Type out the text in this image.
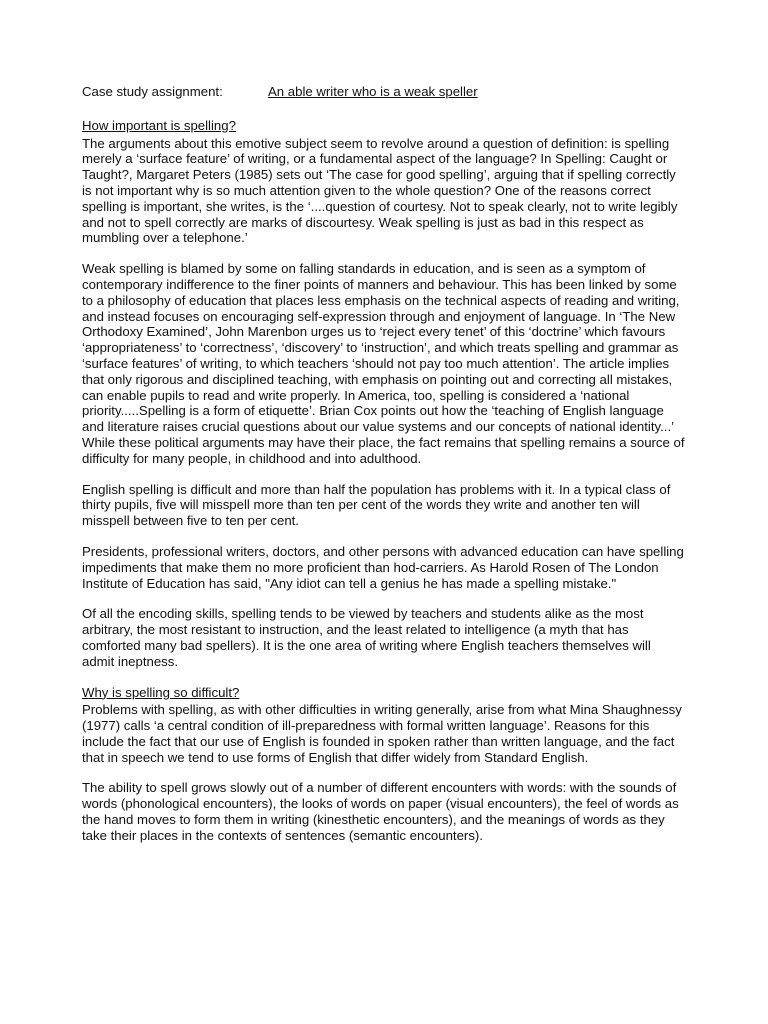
Case study assignment:	An able writer who is a weak speller
How important is spelling?

The arguments about this emotive subject seem to revolve around a question of definition: is spelling merely a ‘surface feature’ of writing, or a fundamental aspect of the language? In Spelling: Caught or Taught?, Margaret Peters (1985) sets out ‘The case for good spelling’, arguing that if spelling correctly is not important why is so much attention given to the whole question? One of the reasons correct spelling is important, she writes, is the ‘....question of courtesy. Not to speak clearly, not to write legibly and not to spell correctly are marks of discourtesy. Weak spelling is just as bad in this respect as mumbling over a telephone.’

Weak spelling is blamed by some on falling standards in education, and is seen as a symptom of contemporary indifference to the finer points of manners and behaviour. This has been linked by some to a philosophy of education that places less emphasis on the technical aspects of reading and writing, and instead focuses on encouraging self-expression through and enjoyment of language. In ‘The New Orthodoxy Examined’, John Marenbon urges us to ‘reject every tenet’ of this ‘doctrine’ which favours ‘appropriateness’ to ‘correctness’, ‘discovery’ to ‘instruction’, and which treats spelling and grammar as ‘surface features’ of writing, to which teachers ‘should not pay too much attention’. The article implies that only rigorous and disciplined teaching, with emphasis on pointing out and correcting all mistakes, can enable pupils to read and write properly. In America, too, spelling is considered a ‘national priority.....Spelling is a form of etiquette’. Brian Cox points out how the ‘teaching of English language and literature raises crucial questions about our value systems and our concepts of national identity...’ While these political arguments may have their place, the fact remains that spelling remains a source of difficulty for many people, in childhood and into adulthood.

English spelling is difficult and more than half the population has problems with it. In a typical class of thirty pupils, five will misspell more than ten per cent of the words they write and another ten will misspell between five to ten per cent.

Presidents, professional writers, doctors, and other persons with advanced education can have spelling impediments that make them no more proficient than hod-carriers. As Harold Rosen of The London Institute of Education has said, "Any idiot can tell a genius he has made a spelling mistake."

Of all the encoding skills, spelling tends to be viewed by teachers and students alike as the most arbitrary, the most resistant to instruction, and the least related to intelligence (a myth that has comforted many bad spellers). It is the one area of writing where English teachers themselves will admit ineptness.

Why is spelling so difficult?

Problems with spelling, as with other difficulties in writing generally, arise from what Mina Shaughnessy (1977) calls ‘a central condition of ill-preparedness with formal written language’. Reasons for this include the fact that our use of English is founded in spoken rather than written language, and the fact that in speech we tend to use forms of English that differ widely from Standard English.

The ability to spell grows slowly out of a number of different encounters with words: with the sounds of words (phonological encounters), the looks of words on paper (visual encounters), the feel of words as the hand moves to form them in writing (kinesthetic encounters), and the meanings of words as they take their places in the contexts of sentences (semantic encounters).
